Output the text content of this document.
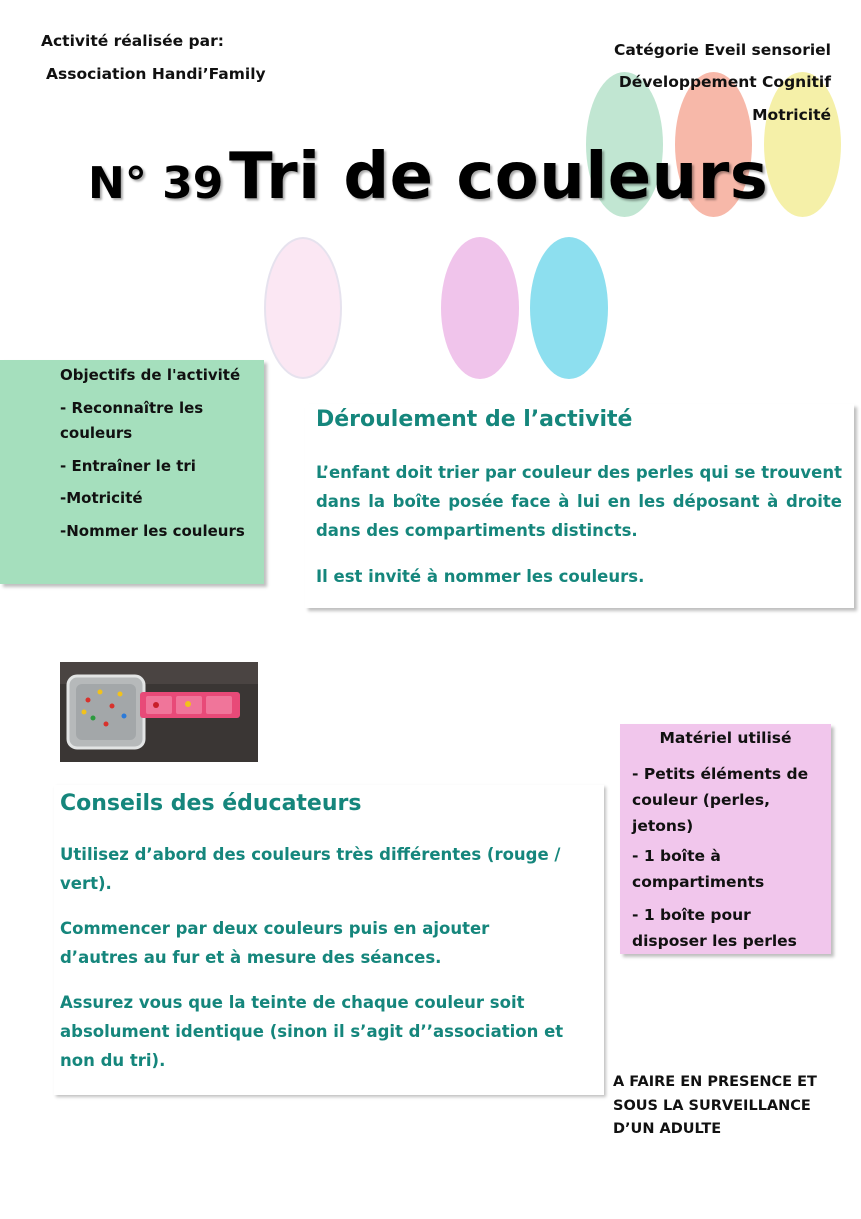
Activité réalisée par:
Association Handi’Family
Catégorie Eveil sensoriel
Développement Cognitif
Motricité
N° 39 Tri de couleurs
Objectifs de l'activité
- Reconnaître les couleurs
- Entraîner le tri
-Motricité
-Nommer les couleurs
Déroulement de l’activité
L’enfant doit trier par couleur des perles qui se trouvent dans la boîte posée face à lui en les déposant à droite dans des compartiments distincts.
Il est invité à nommer les couleurs.
Conseils des éducateurs
Utilisez d’abord des couleurs très différentes (rouge / vert).
Commencer par deux couleurs puis en ajouter d’autres au fur et à mesure des séances.
Assurez vous que la teinte de chaque couleur soit absolument identique (sinon il s’agit d’’association et non du tri).
Matériel utilisé
- Petits éléments de couleur (perles, jetons)
- 1 boîte à compartiments
- 1 boîte pour disposer les perles
A FAIRE EN PRESENCE ET SOUS LA SURVEILLANCE D’UN ADULTE
